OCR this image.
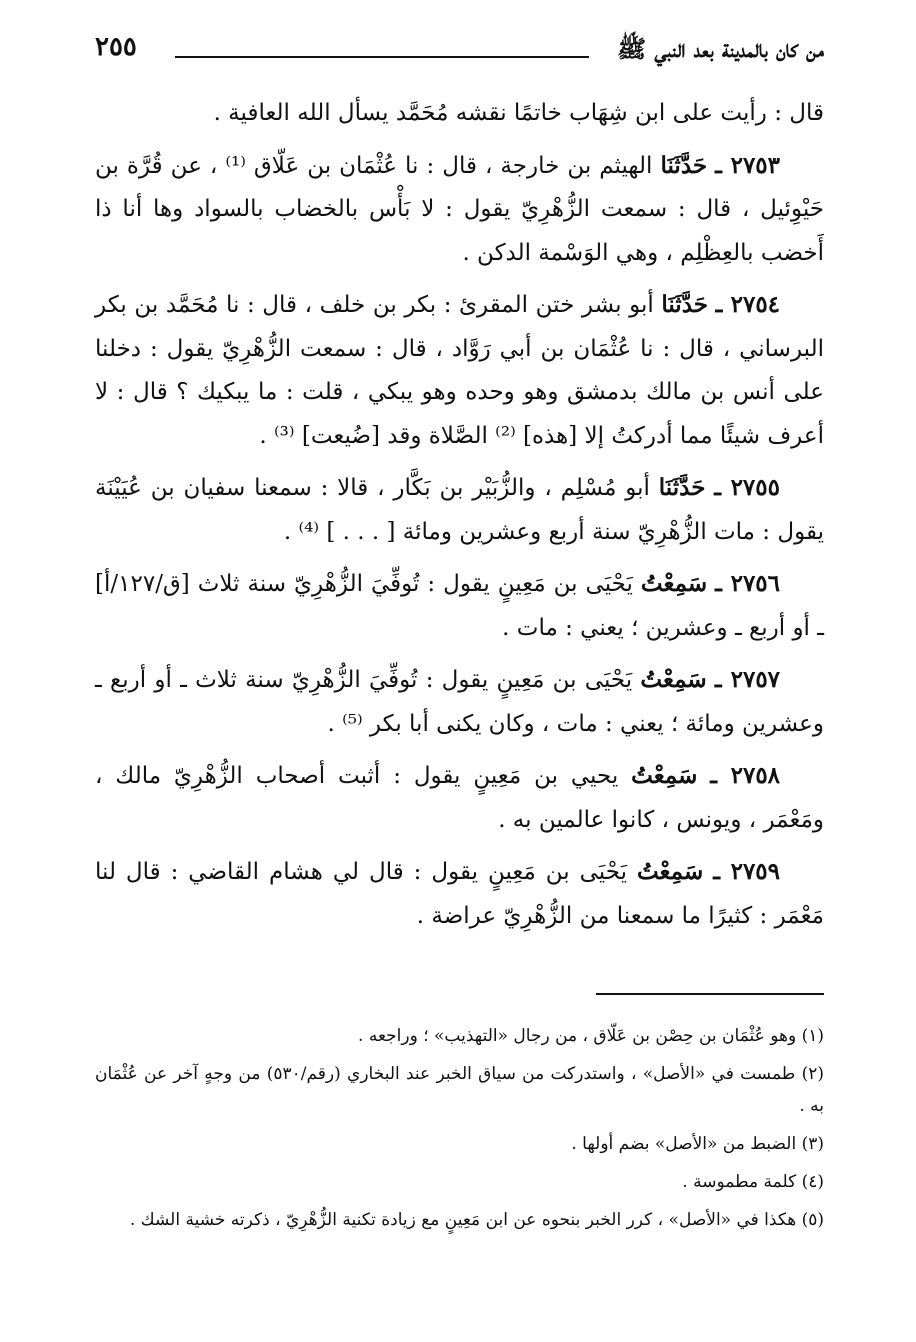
من كان بالمدينة بعد النبي ﷺ
٢٥٥

قال : رأيت على ابن شِهَاب خاتمًا نقشه مُحَمَّد يسأل الله العافية .

٢٧٥٣ ـ حَدَّثَنَا الهيثم بن خارجة ، قال : نا عُثْمَان بن عَلّاق ⁽¹⁾ ، عن قُرَّة بن حَيْوِئيل ، قال : سمعت الزُّهْرِيّ يقول : لا بَأْس بالخضاب بالسواد وها أنا ذا أَخضب بالعِظْلِم ، وهي الوَسْمة الدكن .

٢٧٥٤ ـ حَدَّثَنَا أبو بشر ختن المقرئ : بكر بن خلف ، قال : نا مُحَمَّد بن بكر البرساني ، قال : نا عُثْمَان بن أبي رَوَّاد ، قال : سمعت الزُّهْرِيّ يقول : دخلنا على أنس بن مالك بدمشق وهو وحده وهو يبكي ، قلت : ما يبكيك ؟ قال : لا أعرف شيئًا مما أدركتُ إلا [هذه] ⁽²⁾ الصَّلاة وقد [ضُيعت] ⁽³⁾ .

٢٧٥٥ ـ حَدَّثَنَا أبو مُسْلِم ، والزُّبَيْر بن بَكَّار ، قالا : سمعنا سفيان بن عُيَيْنَة يقول : مات الزُّهْرِيّ سنة أربع وعشرين ومائة [ . . . ] ⁽⁴⁾ .

٢٧٥٦ ـ سَمِعْتُ يَحْيَى بن مَعِينٍ يقول : تُوفِّيَ الزُّهْرِيّ سنة ثلاث [ق/١٢٧/أ] ـ أو أربع ـ وعشرين ؛ يعني : مات .

٢٧٥٧ ـ سَمِعْتُ يَحْيَى بن مَعِينٍ يقول : تُوفِّيَ الزُّهْرِيّ سنة ثلاث ـ أو أربع ـ وعشرين ومائة ؛ يعني : مات ، وكان يكنى أبا بكر ⁽⁵⁾ .

٢٧٥٨ ـ سَمِعْتُ يحيي بن مَعِينٍ يقول : أثبت أصحاب الزُّهْرِيّ مالك ، ومَعْمَر ، ويونس ، كانوا عالمين به .

٢٧٥٩ ـ سَمِعْتُ يَحْيَى بن مَعِينٍ يقول : قال لي هشام القاضي : قال لنا مَعْمَر : كثيرًا ما سمعنا من الزُّهْرِيّ عراضة .

(١) وهو عُثْمَان بن حِصْن بن عَلّاق ، من رجال «التهذيب» ؛ وراجعه .

(٢) طمست في «الأصل» ، واستدركت من سياق الخبر عند البخاري (رقم/٥٣٠) من وجهٍ آخر عن عُثْمَان به .

(٣) الضبط من «الأصل» بضم أولها .

(٤) كلمة مطموسة .

(٥) هكذا في «الأصل» ، كرر الخبر بنحوه عن ابن مَعِينٍ مع زيادة تكنية الزُّهْرِيّ ، ذكرته خشية الشك .
